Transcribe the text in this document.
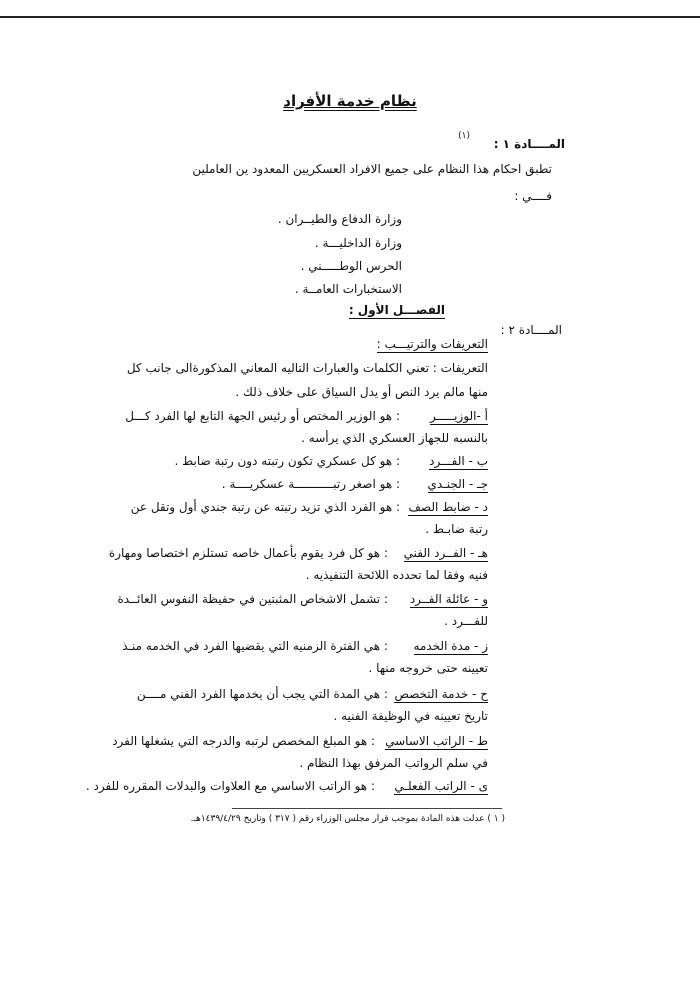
نظام خدمة الأفراد
المــــادة ١ :
(١)
تطبق احكام هذا النظام على جميع الافراد العسكريين المعدود ين العاملين
فــــي :
وزارة الدفاع والطيــران .
وزارة الداخليـــة .
الحرس الوطـــــني .
الاستخبارات العامــة .
الفصـــل الأول :
المــــادة ٢ :
التعريفات والترتيـــب :
التعريفات : تعني الكلمات والعبارات التاليه المعاني المذكورةالى جانب كل
منها مالم يرد النص أو يدل السياق على خلاف ذلك .
أ -الوزيـــــر
: هو الوزير المختص أو رئيس الجهة التابع لها الفرد كـــل
بالنسبه للجهاز العسكري الذي يرأسه .
ب - الفـــرد
: هو كل عسكري تكون رتبته دون رتبة ضابط .
جـ - الجنـدي
: هو اصغر رتبـــــــــــة عسكريــــة .
د - ضابط الصف
: هو الفرد الذي تزيد رتبته عن رتبة جندي أول وتقل عن
رتبة ضابـط .
هـ - الفــرد الفني
: هو كل فرد يقوم بأعمال خاصه تستلزم اختصاصا ومهارة
فنيه وفقا لما تحدده اللائحة التنفيذيه .
و - عائلة الفــرد
: تشمل الاشخاص المثبتين في حفيظة النفوس العائــدة
للفـــرد .
ز - مدة الخدمه
: هي الفترة الزمنيه التي يقضيها الفرد في الخدمه منـذ
تعيينه حتى خروجه منها .
ح - خدمة التخصص
: هي المدة التي يجب أن يخدمها الفرد الفني مــــن
تاريخ تعيينه في الوظيفة الفنيه .
ط - الراتب الاساسي
: هو المبلغ المخصص لرتبه والدرجه التي يشغلها الفرد
في سلم الرواتب المرفق بهذا النظام .
ى - الراتب الفعلـي
: هو الراتب الاساسي مع العلاوات والبدلات المقرره للفرد .
( ١ ) عدلت هذه المادة بموجب قرار مجلس الوزراء رقم ( ٣١٧ ) وتاريخ ١٤٣٩/٤/٢٩هـ.
